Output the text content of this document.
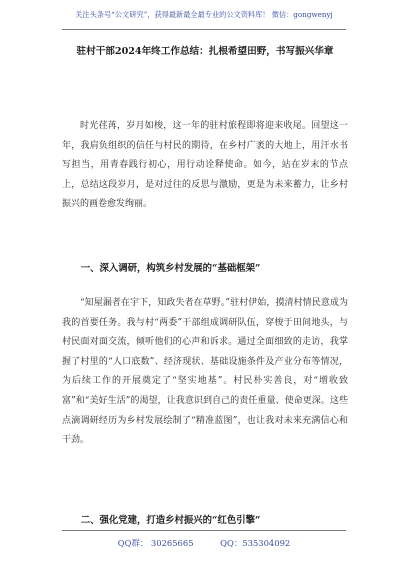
关注头条号“公文研究”，获得最新最全最专业的公文资料库！ 微信：gongwenyj
驻村干部2024年终工作总结：扎根希望田野，书写振兴华章

时光荏苒，岁月如梭，这一年的驻村旅程即将迎来收尾。回望这一年，我肩负组织的信任与村民的期待，在乡村广袤的大地上，用汗水书写担当，用青春践行初心，用行动诠释使命。如今，站在岁末的节点上，总结这段岁月，是对过往的反思与激励，更是为未来蓄力，让乡村振兴的画卷愈发绚丽。

一、深入调研，构筑乡村发展的“基础框架”

“知屋漏者在宇下，知政失者在草野。”驻村伊始，摸清村情民意成为我的首要任务。我与村“两委”干部组成调研队伍，穿梭于田间地头，与村民面对面交流，倾听他们的心声和诉求。通过全面细致的走访，我掌握了村里的“人口底数”、经济现状、基础设施条件及产业分布等情况，为后续工作的开展奠定了“坚实地基”。村民朴实善良，对“增收致富”和“美好生活”的渴望，让我意识到自己的责任重量、使命更深。这些点滴调研经历为乡村发展绘制了“精准蓝图”，也让我对未来充满信心和干劲。

二、强化党建，打造乡村振兴的“红色引擎”

QQ群： 30265665          QQ：535304092
